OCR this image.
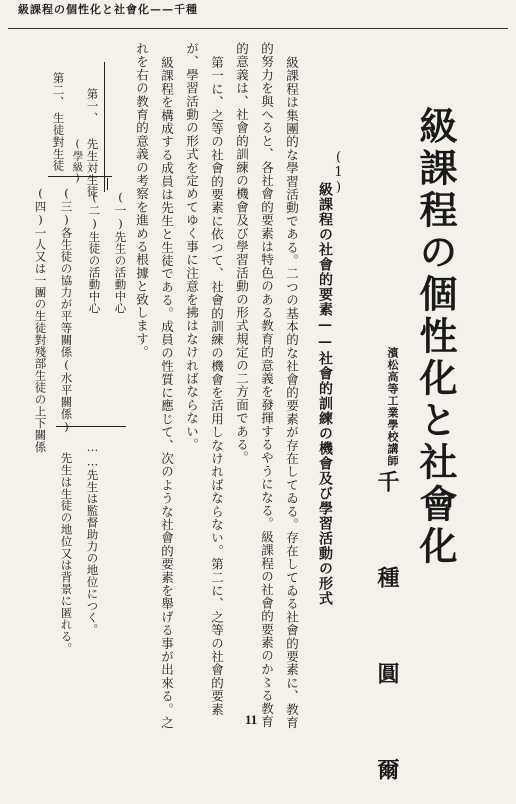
級課程の個性化と社會化——千種
級課程の個性化と社會化
濱松高等工業學校講師
千 種 圓 爾
(1)
級課程の社會的要素——社會的訓練の機會及び學習活動の形式
級課程は集團的な學習活動である。二つの基本的な社會的要素が存在してゐる。存在してゐる社會的要素に、教育
的努力を與へると、各社會的要素は特色のある教育的意義を發揮するやうになる。級課程の社會的要素のか〻る教育
的意義は、社會的訓練の機會及び學習活動の形式規定の二方面である。
第一に、之等の社會的要素に依つて、社會的訓練の機會を活用しなければならない。第二に、之等の社會的要素
が、學習活動の形式を定めてゆく事に注意を拂はなければならない。
級課程を構成する成員は先生と生徒である。成員の性質に應じて、次のような社會的要素を舉げる事が出來る。之
れを右の教育的意義の考察を進める根據と致します。
第一、
先生対生徒
(學級)
第二、
生徒對生徒
(一)先生の活動中心
(二)生徒の活動中心
(三)各生徒の協力が平等關係(水平關係)
(四)一人又は一團の生徒對殘部生徒の上下關係
……先生は監督助力の地位につく。
先生は生徒の地位又は背景に匿れる。
11
